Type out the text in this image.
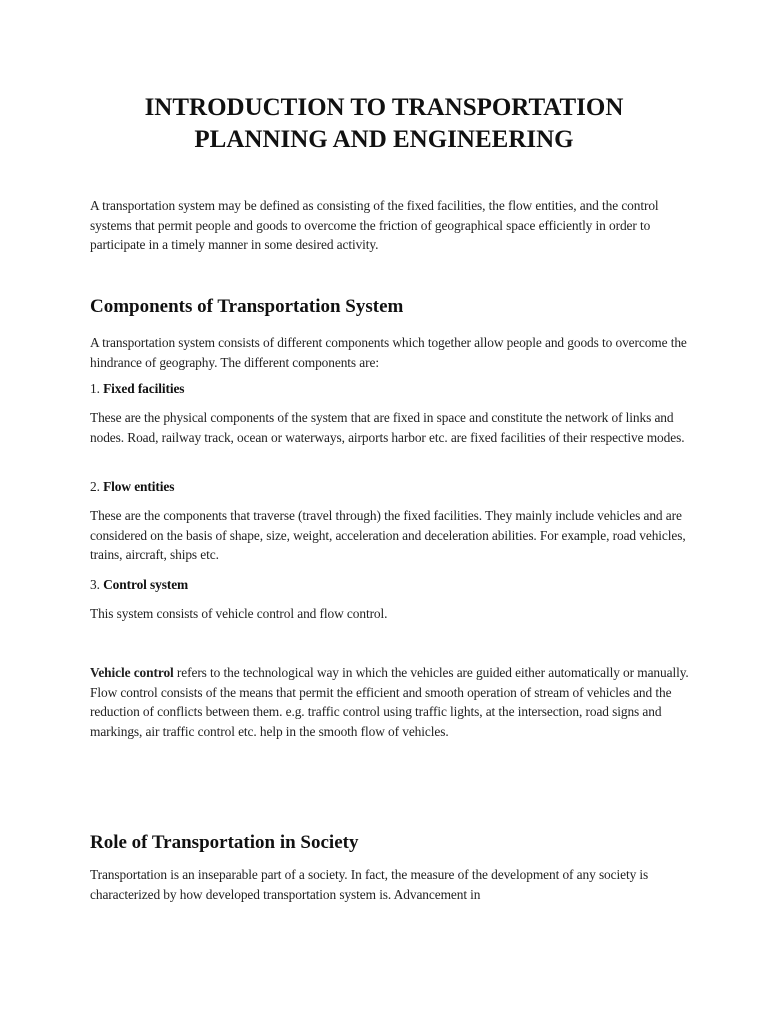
INTRODUCTION TO TRANSPORTATION
PLANNING AND ENGINEERING

A transportation system may be defined as consisting of the fixed facilities, the flow entities, and the control systems that permit people and goods to overcome the friction of geographical space efficiently in order to participate in a timely manner in some desired activity.

Components of Transportation System

A transportation system consists of different components which together allow people and goods to overcome the hindrance of geography. The different components are:

1. Fixed facilities

These are the physical components of the system that are fixed in space and constitute the network of links and nodes. Road, railway track, ocean or waterways, airports harbor etc. are fixed facilities of their respective modes.

2. Flow entities

These are the components that traverse (travel through) the fixed facilities. They mainly include vehicles and are considered on the basis of shape, size, weight, acceleration and deceleration abilities. For example, road vehicles, trains, aircraft, ships etc.

3. Control system

This system consists of vehicle control and flow control.

Vehicle control refers to the technological way in which the vehicles are guided either automatically or manually. Flow control consists of the means that permit the efficient and smooth operation of stream of vehicles and the reduction of conflicts between them. e.g. traffic control using traffic lights, at the intersection, road signs and markings, air traffic control etc. help in the smooth flow of vehicles.

Role of Transportation in Society

Transportation is an inseparable part of a society. In fact, the measure of the development of any society is characterized by how developed transportation system is. Advancement in
